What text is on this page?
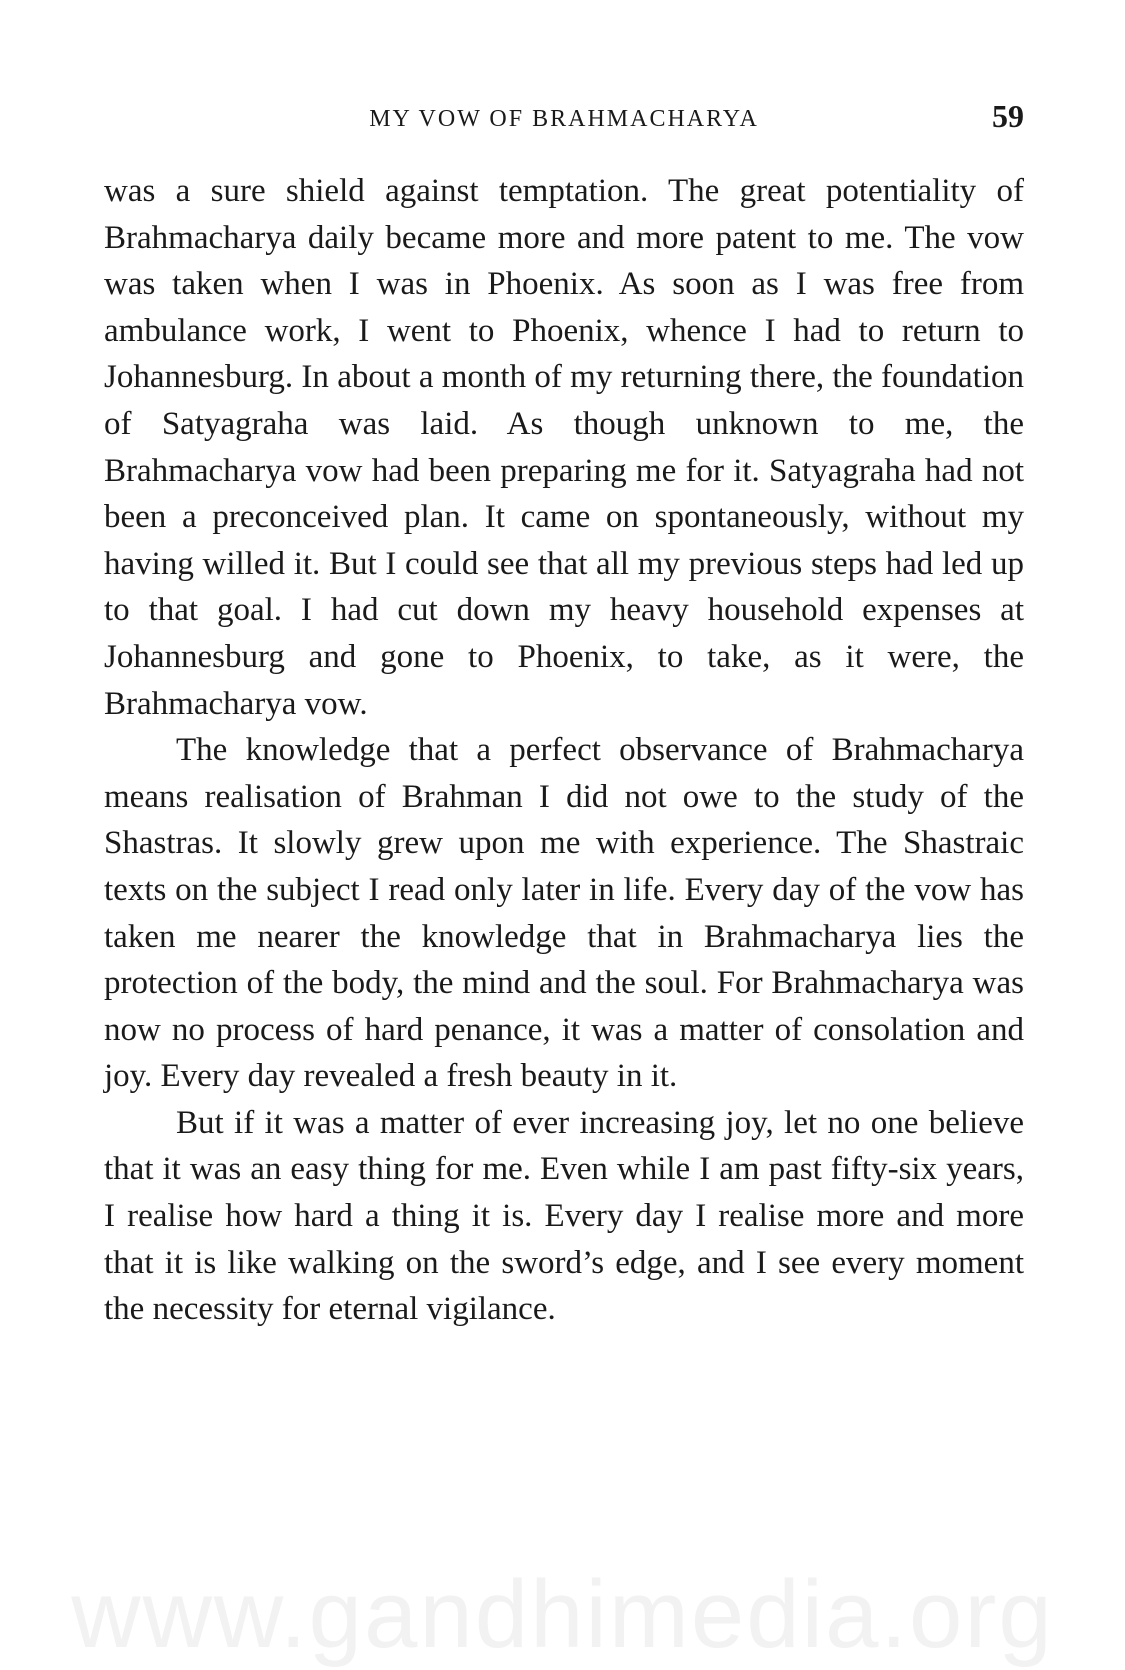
MY VOW OF BRAHMACHARYA	59

was a sure shield against temptation. The great potentiality of Brahmacharya daily became more and more patent to me. The vow was taken when I was in Phoenix. As soon as I was free from ambulance work, I went to Phoenix, whence I had to return to Johannesburg. In about a month of my returning there, the foundation of Satyagraha was laid. As though unknown to me, the Brahmacharya vow had been preparing me for it. Satyagraha had not been a preconceived plan. It came on spontaneously, without my having willed it. But I could see that all my previous steps had led up to that goal. I had cut down my heavy household expenses at Johannesburg and gone to Phoenix, to take, as it were, the Brahmacharya vow.

The knowledge that a perfect observance of Brahmacharya means realisation of Brahman I did not owe to the study of the Shastras. It slowly grew upon me with experience. The Shastraic texts on the subject I read only later in life. Every day of the vow has taken me nearer the knowledge that in Brahmacharya lies the protection of the body, the mind and the soul. For Brahmacharya was now no process of hard penance, it was a matter of consolation and joy. Every day revealed a fresh beauty in it.

But if it was a matter of ever increasing joy, let no one believe that it was an easy thing for me. Even while I am past fifty-six years, I realise how hard a thing it is. Every day I realise more and more that it is like walking on the sword’s edge, and I see every moment the necessity for eternal vigilance.

www.gandhimedia.org
